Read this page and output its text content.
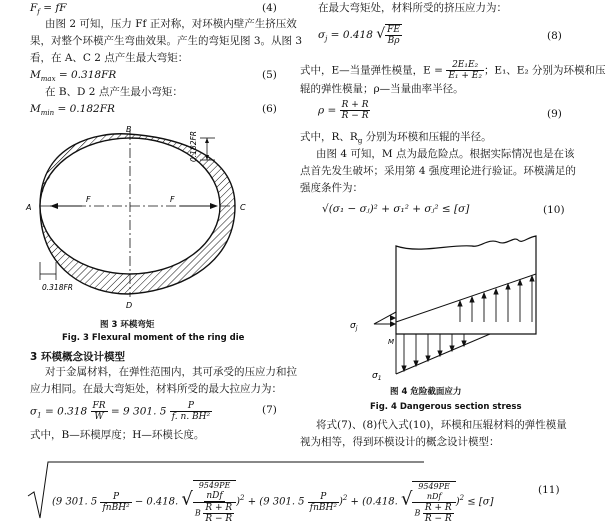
$F_f$ = fF	(4)
由图 2 可知，压力 Ff 正对称，对环模内壁产生挤压效
果，对整个环模产生弯曲效果。产生的弯矩见图 3。从图 3
看，在 A、C 2 点产生最大弯矩：
$M_{max} = 0.318FR$	(5)
在 B、D 2 点产生最小弯矩：
$M_{min} = 0.182FR$	(6)
A	C
B
D
F	F
0.182FR
0.318FR
图 3 环模弯矩
Fig. 3 Flexural moment of the ring die
3 环模概念设计模型
对于金属材料，在弹性范围内，其可承受的压应力和拉
应力相同。在最大弯矩处，材料所受的最大拉应力为：
$\sigma_1 = 0.318 \frac{FR}{W} = 9$ 301. $5 \frac{P}{\text{f. n. BH²}}$	(7)
式中，B—环模厚度；H—环模长度。
在最大弯矩处，材料所受的挤压应力为：
$\sigma_j = 0.418$ √ $\frac{FE}{B\rho}$	(8)
式中，E—当量弹性模量，$E = \frac{\text{2E₁E₂}}{\text{E₁ + E₂}}$ ；E₁、E₂ 分别为环模和压
辊的弹性模量；ρ—当量曲率半径。
$\rho = \frac{R + R}{R - R}$	(9)
式中，R、$R_g$ 分别为环模和压辊的半径。
由图 4 可知，M 点为最危险点。根据实际情况也是在该
点首先发生破坏；采用第 4 强度理论进行验证。环模满足的
强度条件为：
√(σ₁ − σⱼ)² + σ₁² + σⱼ² ≤ [σ]	(10)
$\sigma_j$
M
$\sigma_1$
图 4 危险截面应力
Fig. 4 Dangerous section stress
将式(7)、(8)代入式(10)，环模和压辊材料的弹性模量
视为相等，得到环模设计的概念设计模型：
(9 301. $5 \frac{P}{\text{fnBH²}} - 0.418$. √
9549PE

nDf
B $\frac{R + R}{R - R}$
)$^2$ + (9 301. $5 \frac{P}{\text{fnBH²}} )^2 + (0.418$. √
9549PE
nDf
B $\frac{R + R}{R - R}$
)$^2$ ≤ [σ]
(11)
